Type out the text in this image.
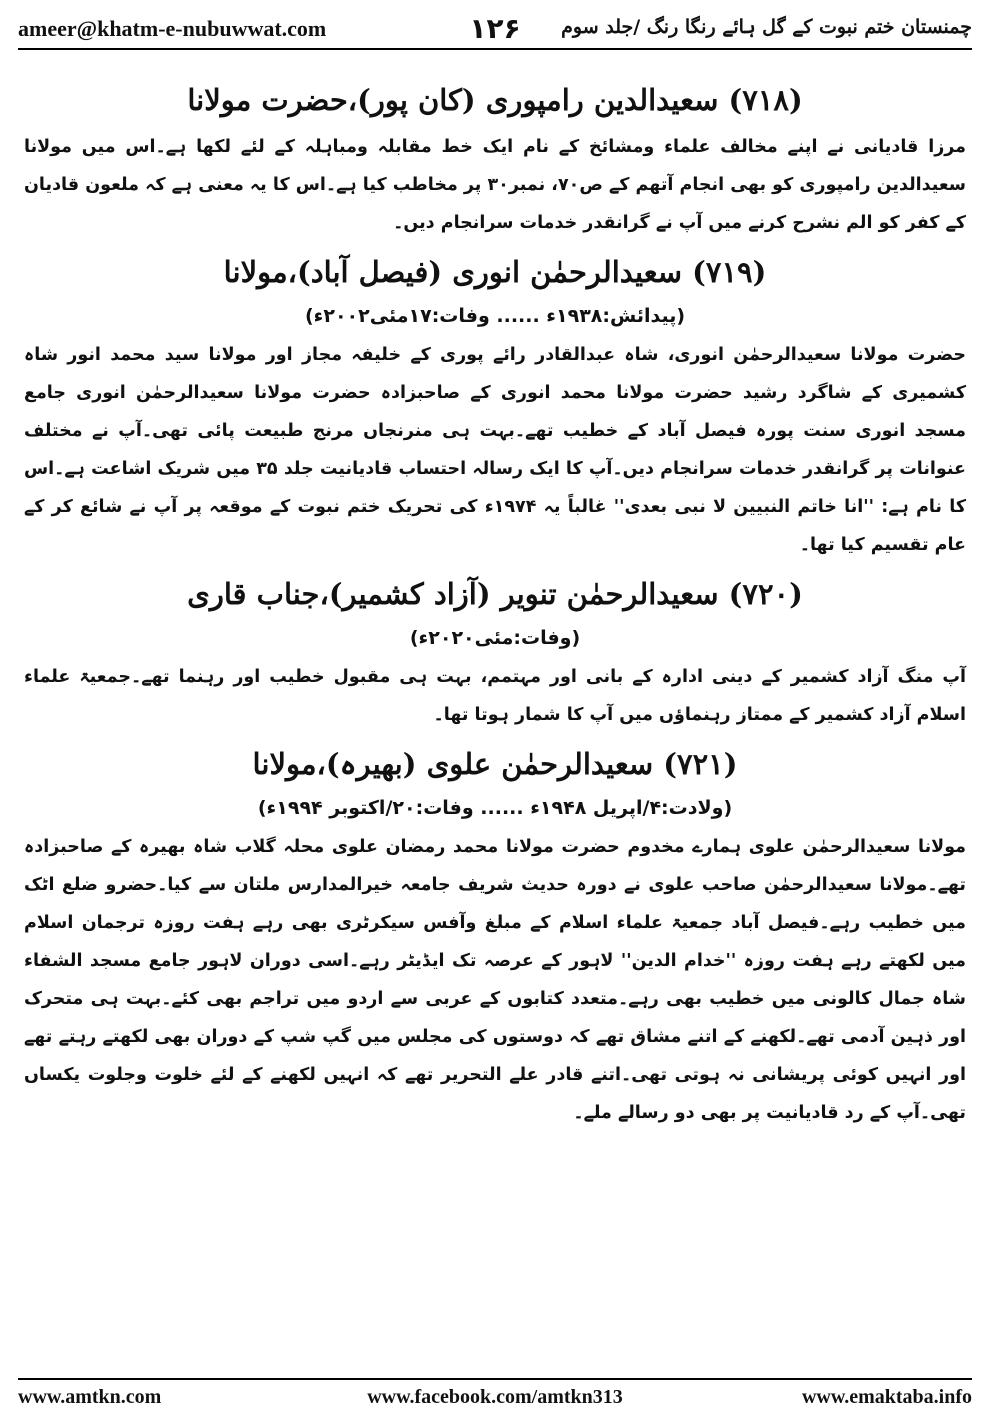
ameer@khatm-e-nubuwwat.com	۱۲۶	چمنستان ختم نبوت کے گل ہائے رنگا رنگ /جلد سوم
(۷۱۸) سعیدالدین رامپوری (کان پور)،حضرت مولانا

مرزا قادیانی نے اپنے مخالف علماء ومشائخ کے نام ایک خط مقابلہ ومباہلہ کے لئے لکھا ہے۔اس میں مولانا سعیدالدین رامپوری کو بھی انجام آتھم کے ص۷۰، نمبر۳۰ پر مخاطب کیا ہے۔اس کا یہ معنی ہے کہ ملعون قادیان کے کفر کو الم نشرح کرنے میں آپ نے گرانقدر خدمات سرانجام دیں۔

(۷۱۹) سعیدالرحمٰن انوری (فیصل آباد)،مولانا
(پیدائش:۱۹۳۸ء ...... وفات:۱۷مئی۲۰۰۲ء)

حضرت مولانا سعیدالرحمٰن انوری، شاہ عبدالقادر رائے پوری کے خلیفہ مجاز اور مولانا سید محمد انور شاہ کشمیری کے شاگرد رشید حضرت مولانا محمد انوری کے صاحبزادہ حضرت مولانا سعیدالرحمٰن انوری جامع مسجد انوری سنت پورہ فیصل آباد کے خطیب تھے۔بہت ہی منرنجاں مرنج طبیعت پائی تھی۔آپ نے مختلف عنوانات پر گرانقدر خدمات سرانجام دیں۔آپ کا ایک رسالہ احتساب قادیانیت جلد ۳۵ میں شریک اشاعت ہے۔اس کا نام ہے: ''انا خاتم النبیین لا نبی بعدی'' غالباً یہ ۱۹۷۴ء کی تحریک ختم نبوت کے موقعہ پر آپ نے شائع کر کے عام تقسیم کیا تھا۔

(۷۲۰) سعیدالرحمٰن تنویر (آزاد کشمیر)،جناب قاری
(وفات:مئی۲۰۲۰ء)

آپ منگ آزاد کشمیر کے دینی ادارہ کے بانی اور مہتمم، بہت ہی مقبول خطیب اور رہنما تھے۔جمعیۃ علماء اسلام آزاد کشمیر کے ممتاز رہنماؤں میں آپ کا شمار ہوتا تھا۔

(۷۲۱) سعیدالرحمٰن علوی (بھیرہ)،مولانا
(ولادت:۴/اپریل ۱۹۴۸ء ...... وفات:۲۰/اکتوبر ۱۹۹۴ء)

مولانا سعیدالرحمٰن علوی ہمارے مخدوم حضرت مولانا محمد رمضان علوی محلہ گلاب شاہ بھیرہ کے صاحبزادہ تھے۔مولانا سعیدالرحمٰن صاحب علوی نے دورہ حدیث شریف جامعہ خیرالمدارس ملتان سے کیا۔حضرو ضلع اٹک میں خطیب رہے۔فیصل آباد جمعیۃ علماء اسلام کے مبلغ وآفس سیکرٹری بھی رہے ہفت روزہ ترجمان اسلام میں لکھتے رہے ہفت روزہ ''خدام الدین'' لاہور کے عرصہ تک ایڈیٹر رہے۔اسی دوران لاہور جامع مسجد الشفاء شاہ جمال کالونی میں خطیب بھی رہے۔متعدد کتابوں کے عربی سے اردو میں تراجم بھی کئے۔بہت ہی متحرک اور ذہین آدمی تھے۔لکھنے کے اتنے مشاق تھے کہ دوستوں کی مجلس میں گپ شپ کے دوران بھی لکھتے رہتے تھے اور انہیں کوئی پریشانی نہ ہوتی تھی۔اتنے قادر علے التحریر تھے کہ انہیں لکھنے کے لئے خلوت وجلوت یکساں تھی۔آپ کے رد قادیانیت پر بھی دو رسالے ملے۔

www.amtkn.com	www.facebook.com/amtkn313	www.emaktaba.info
